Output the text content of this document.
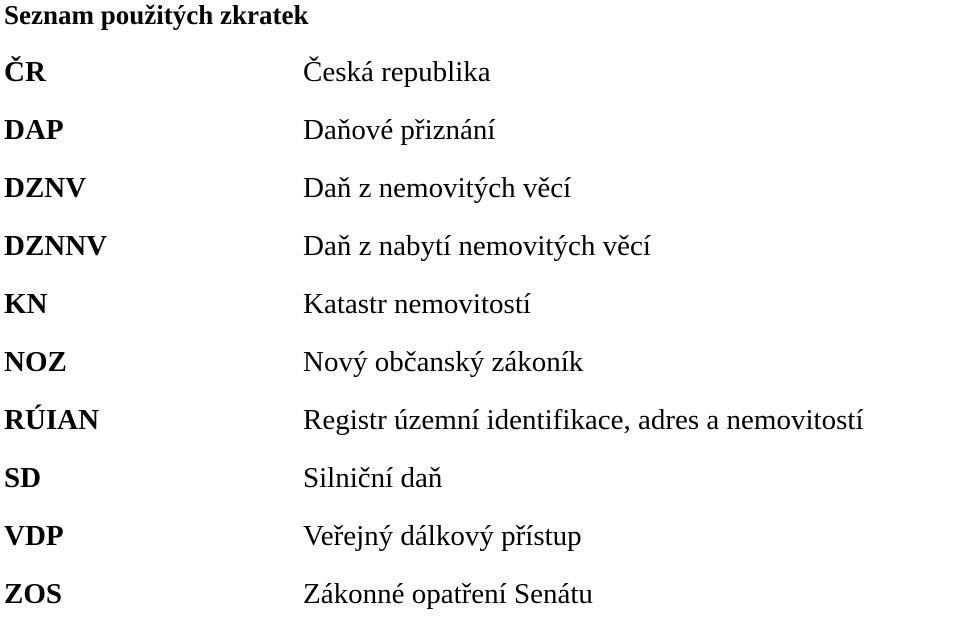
Seznam použitých zkratek
ČR	Česká republika
DAP	Daňové přiznání
DZNV	Daň z nemovitých věcí
DZNNV	Daň z nabytí nemovitých věcí
KN	Katastr nemovitostí
NOZ	Nový občanský zákoník
RÚIAN	Registr územní identifikace, adres a nemovitostí
SD	Silniční daň
VDP	Veřejný dálkový přístup
ZOS	Zákonné opatření Senátu
